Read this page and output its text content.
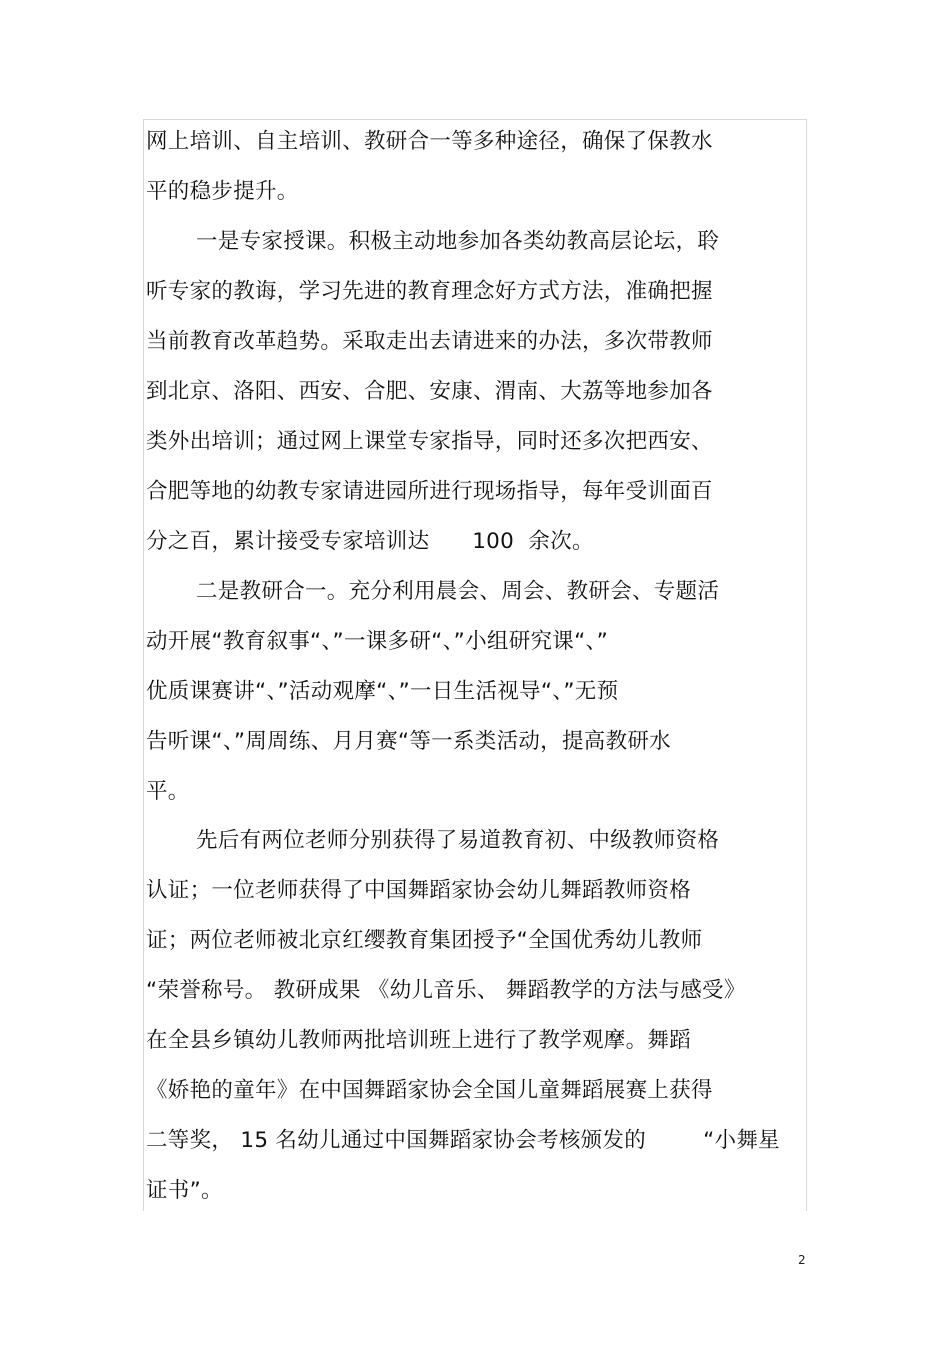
网上培训、自主培训、教研合一等多种途径，确保了保教水

平的稳步提升。

一是专家授课。积极主动地参加各类幼教高层论坛，聆

听专家的教诲，学习先进的教育理念好方式方法，准确把握

当前教育改革趋势。采取走出去请进来的办法，多次带教师

到北京、洛阳、西安、合肥、安康、渭南、大荔等地参加各

类外出培训；通过网上课堂专家指导，同时还多次把西安、

合肥等地的幼教专家请进园所进行现场指导，每年受训面百

分之百，累计接受专家培训达      100  余次。

二是教研合一。充分利用晨会、周会、教研会、专题活

动开展“教育叙事“、”一课多研“、”小组研究课“、”

优质课赛讲“、”活动观摩“、”一日生活视导“、”无预

告听课“、”周周练、月月赛“等一系类活动，提高教研水

平。

先后有两位老师分别获得了易道教育初、中级教师资格

认证；一位老师获得了中国舞蹈家协会幼儿舞蹈教师资格

证；两位老师被北京红缨教育集团授予“全国优秀幼儿教师

“荣誉称号。 教研成果 《幼儿音乐、 舞蹈教学的方法与感受》

在全县乡镇幼儿教师两批培训班上进行了教学观摩。舞蹈

《娇艳的童年》在中国舞蹈家协会全国儿童舞蹈展赛上获得

二等奖， 15 名幼儿通过中国舞蹈家协会考核颁发的        “小舞星

证书”。

2
